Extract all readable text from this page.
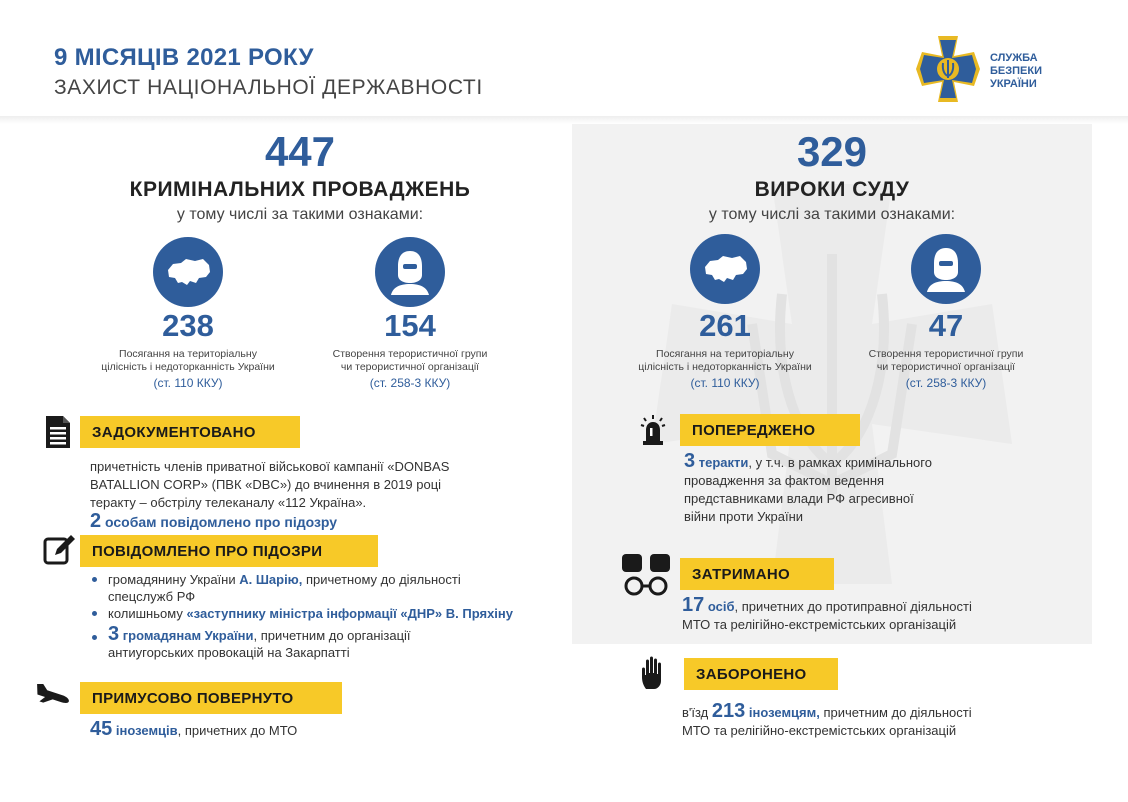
9 МІСЯЦІВ 2021 РОКУ
ЗАХИСТ НАЦІОНАЛЬНОЇ ДЕРЖАВНОСТІ
СЛУЖБА
БЕЗПЕКИ
УКРАЇНИ
447
КРИМІНАЛЬНИХ ПРОВАДЖЕНЬ
у тому числі за такими ознаками:
238
Посягання на територіальну
цілісність і недоторканність України
(ст. 110 ККУ)
154
Створення терористичної групи
чи терористичної організації
(ст. 258-3 ККУ)
329
ВИРОКИ СУДУ
у тому числі за такими ознаками:
261
Посягання на територіальну
цілісність і недоторканність України
(ст. 110 ККУ)
47
Створення терористичної групи
чи терористичної організації
(ст. 258-3 ККУ)
ЗАДОКУМЕНТОВАНО
причетність членів приватної військової кампанії «DONBAS
BATALLION CORP» (ПВК «DBC») до вчинення в 2019 році
теракту – обстрілу телеканалу «112 Україна».
2 особам повідомлено про підозру
ПОВІДОМЛЕНО ПРО ПІДОЗРИ
громадянину України А. Шарію, причетному до діяльності
спецслужб РФ
колишньому «заступнику міністра інформації «ДНР» В. Пряхіну
3 громадянам України, причетним до організації
антиугорських провокацій на Закарпатті
ПРИМУСОВО ПОВЕРНУТО
45 іноземців, причетних до МТО
ПОПЕРЕДЖЕНО
3 теракти, у т.ч. в рамках кримінального
провадження за фактом ведення
представниками влади РФ агресивної
війни проти України
ЗАТРИМАНО
17 осіб, причетних до протиправної діяльності
МТО та релігійно-екстремістських організацій
ЗАБОРОНЕНО
в'їзд 213 іноземцям, причетним до діяльності
МТО та релігійно-екстремістських організацій
